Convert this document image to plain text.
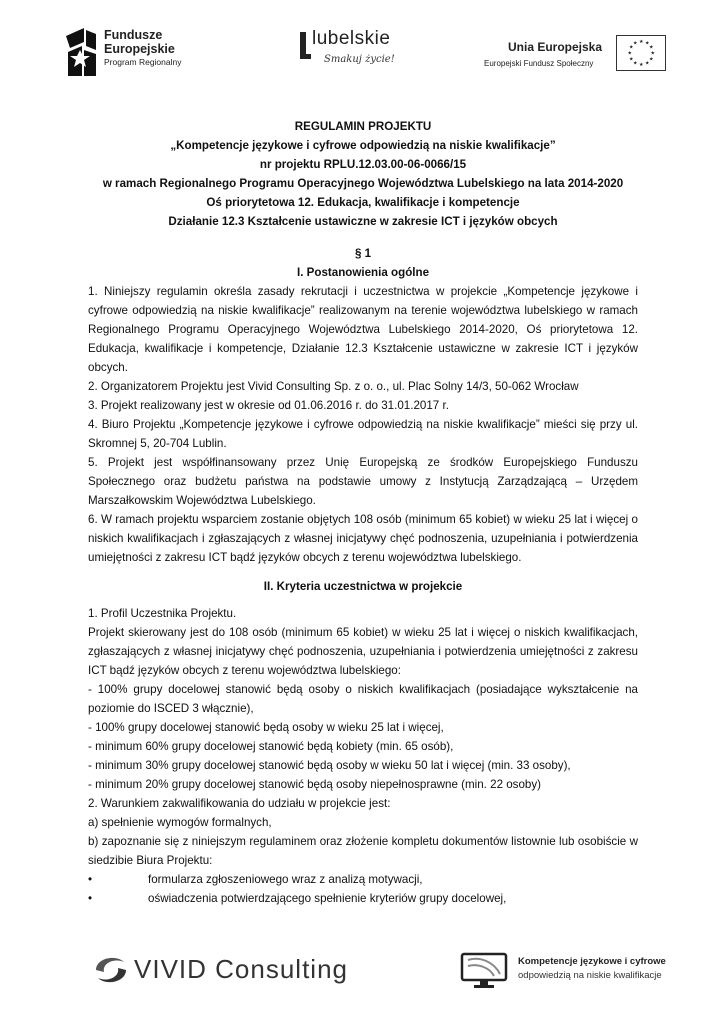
Fundusze
Europejskie
Program Regionalny
lubelskie
Smakuj życie!
Unia Europejska
Europejski Fundusz Społeczny
★ ★
★
★
★
★
★
★
★
★
★
★
REGULAMIN PROJEKTU
„Kompetencje językowe i cyfrowe odpowiedzią na niskie kwalifikacje”
nr projektu RPLU.12.03.00-06-0066/15
w ramach Regionalnego Programu Operacyjnego Województwa Lubelskiego na lata 2014-2020
Oś priorytetowa 12. Edukacja, kwalifikacje i kompetencje
Działanie 12.3 Kształcenie ustawiczne w zakresie ICT i języków obcych
§ 1
I. Postanowienia ogólne

1. Niniejszy regulamin określa zasady rekrutacji i uczestnictwa w projekcie „Kompetencje językowe i cyfrowe odpowiedzią na niskie kwalifikacje” realizowanym na terenie województwa lubelskiego w ramach Regionalnego Programu Operacyjnego Województwa Lubelskiego 2014-2020, Oś priorytetowa 12. Edukacja, kwalifikacje i kompetencje, Działanie 12.3 Kształcenie ustawiczne w zakresie ICT i języków obcych.

2. Organizatorem Projektu jest Vivid Consulting Sp. z o. o., ul. Plac Solny 14/3, 50-062 Wrocław

3. Projekt realizowany jest w okresie od 01.06.2016 r. do 31.01.2017 r.

4. Biuro Projektu „Kompetencje językowe i cyfrowe odpowiedzią na niskie kwalifikacje” mieści się przy ul. Skromnej 5, 20-704 Lublin.

5. Projekt jest współfinansowany przez Unię Europejską ze środków Europejskiego Funduszu Społecznego oraz budżetu państwa na podstawie umowy z Instytucją Zarządzającą – Urzędem Marszałkowskim Województwa Lubelskiego.

6. W ramach projektu wsparciem zostanie objętych 108 osób (minimum 65 kobiet) w wieku 25 lat i więcej o niskich kwalifikacjach i zgłaszających z własnej inicjatywy chęć podnoszenia, uzupełniania i potwierdzenia umiejętności z zakresu ICT bądź języków obcych z terenu województwa lubelskiego.

II. Kryteria uczestnictwa w projekcie

1. Profil Uczestnika Projektu.

Projekt skierowany jest do 108 osób (minimum 65 kobiet) w wieku 25 lat i więcej o niskich kwalifikacjach, zgłaszających z własnej inicjatywy chęć podnoszenia, uzupełniania i potwierdzenia umiejętności z zakresu ICT bądź języków obcych z terenu województwa lubelskiego:

- 100% grupy docelowej stanowić będą osoby o niskich kwalifikacjach (posiadające wykształcenie na poziomie do ISCED 3 włącznie),

- 100% grupy docelowej stanowić będą osoby w wieku 25 lat i więcej,

- minimum 60% grupy docelowej stanowić będą kobiety (min. 65 osób),

- minimum 30% grupy docelowej stanowić będą osoby w wieku 50 lat i więcej (min. 33 osoby),

- minimum 20% grupy docelowej stanowić będą osoby niepełnosprawne (min. 22 osoby)

2. Warunkiem zakwalifikowania do udziału w projekcie jest:

a) spełnienie wymogów formalnych,

b) zapoznanie się z niniejszym regulaminem oraz złożenie kompletu dokumentów listownie lub osobiście w siedzibie Biura Projektu:

•	formularza zgłoszeniowego wraz z analizą motywacji,
•	oświadczenia potwierdzającego spełnienie kryteriów grupy docelowej,
VIVID Consulting	Kompetencje językowe i cyfrowe
odpowiedzią na niskie kwalifikacje
